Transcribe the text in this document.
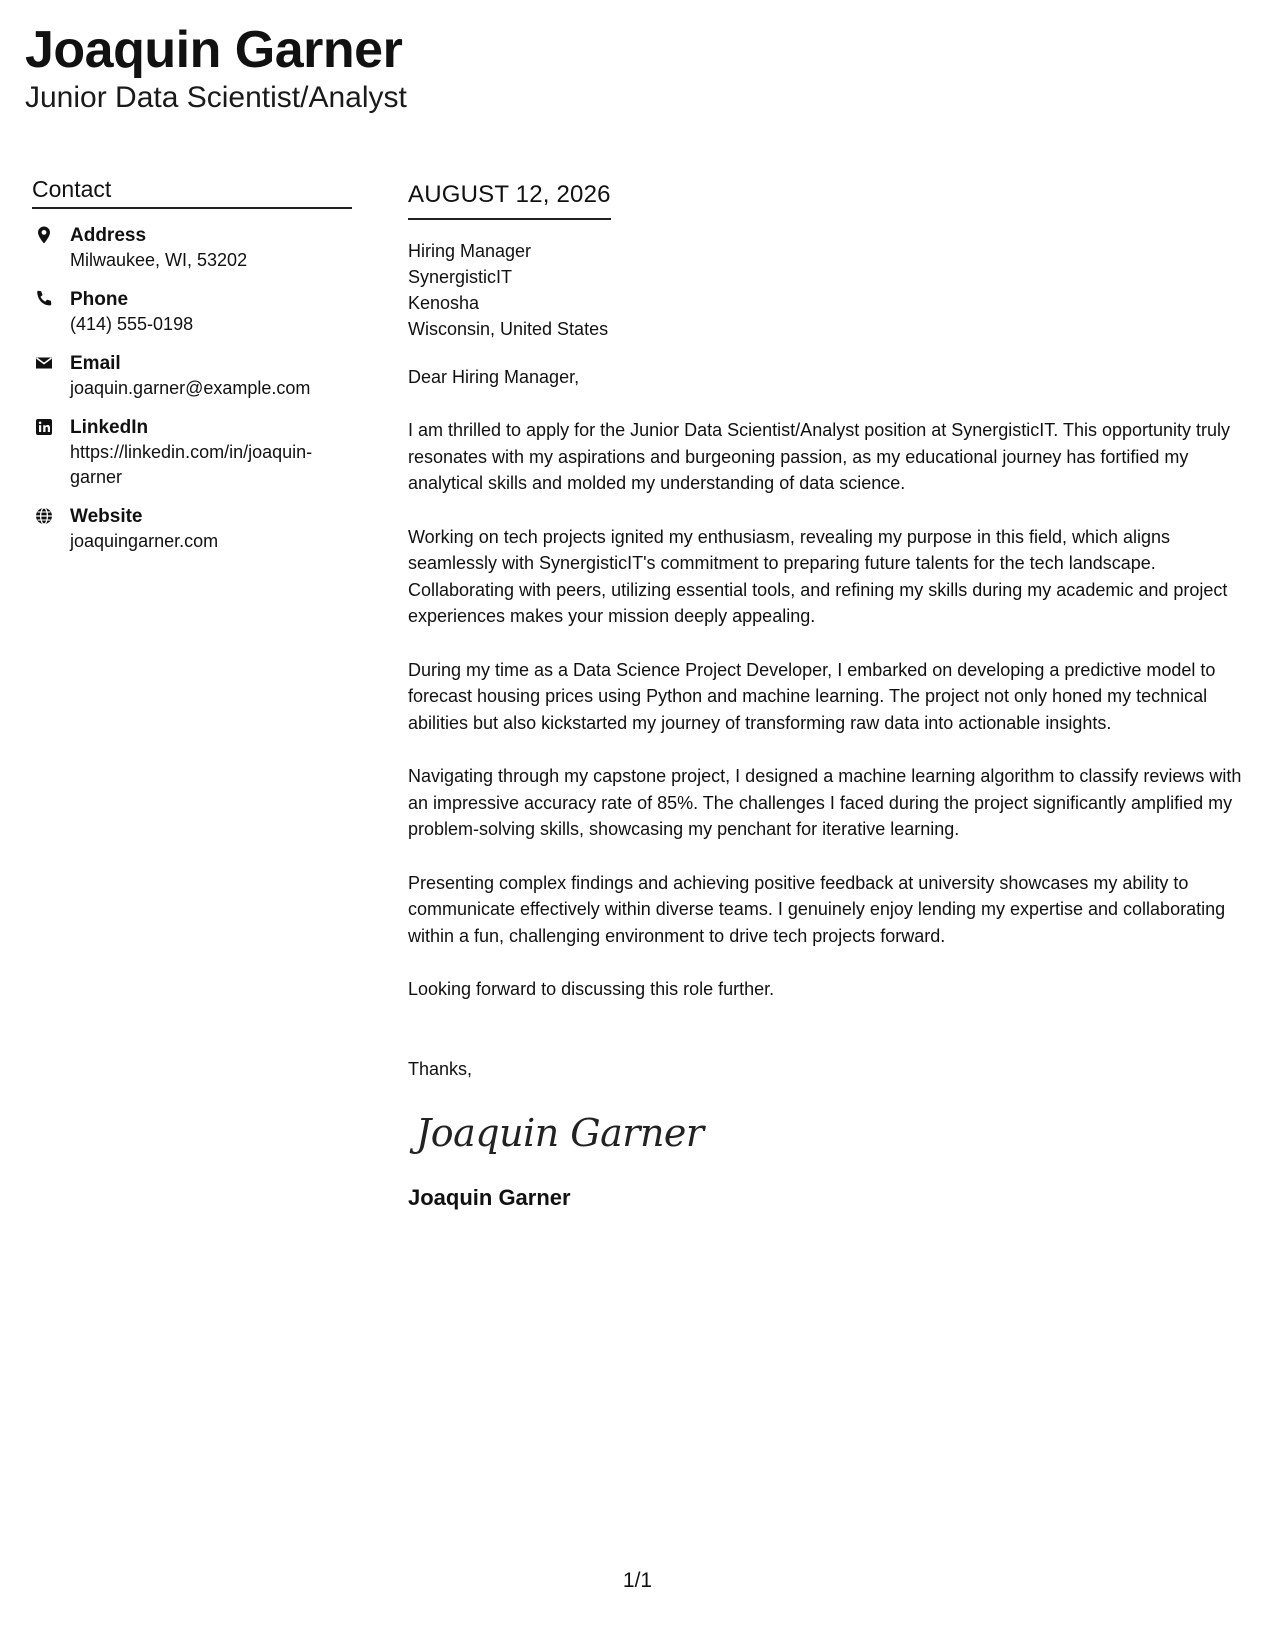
Joaquin Garner
Junior Data Scientist/Analyst
Contact
Address
Milwaukee, WI, 53202
Phone
(414) 555-0198
Email
joaquin.garner@example.com
LinkedIn
https://linkedin.com/in/joaquin-
garner
Website
joaquingarner.com
AUGUST 12, 2026
Hiring Manager
SynergisticIT
Kenosha
Wisconsin, United States
Dear Hiring Manager,

I am thrilled to apply for the Junior Data Scientist/Analyst position at SynergisticIT. This opportunity truly resonates with my aspirations and burgeoning passion, as my educational journey has fortified my analytical skills and molded my understanding of data science.

Working on tech projects ignited my enthusiasm, revealing my purpose in this field, which aligns seamlessly with SynergisticIT's commitment to preparing future talents for the tech landscape. Collaborating with peers, utilizing essential tools, and refining my skills during my academic and project experiences makes your mission deeply appealing.

During my time as a Data Science Project Developer, I embarked on developing a predictive model to forecast housing prices using Python and machine learning. The project not only honed my technical abilities but also kickstarted my journey of transforming raw data into actionable insights.

Navigating through my capstone project, I designed a machine learning algorithm to classify reviews with an impressive accuracy rate of 85%. The challenges I faced during the project significantly amplified my problem-solving skills, showcasing my penchant for iterative learning.

Presenting complex findings and achieving positive feedback at university showcases my ability to communicate effectively within diverse teams. I genuinely enjoy lending my expertise and collaborating within a fun, challenging environment to drive tech projects forward.

Looking forward to discussing this role further.
Thanks,
Joaquin Garner
Joaquin Garner
1/1
